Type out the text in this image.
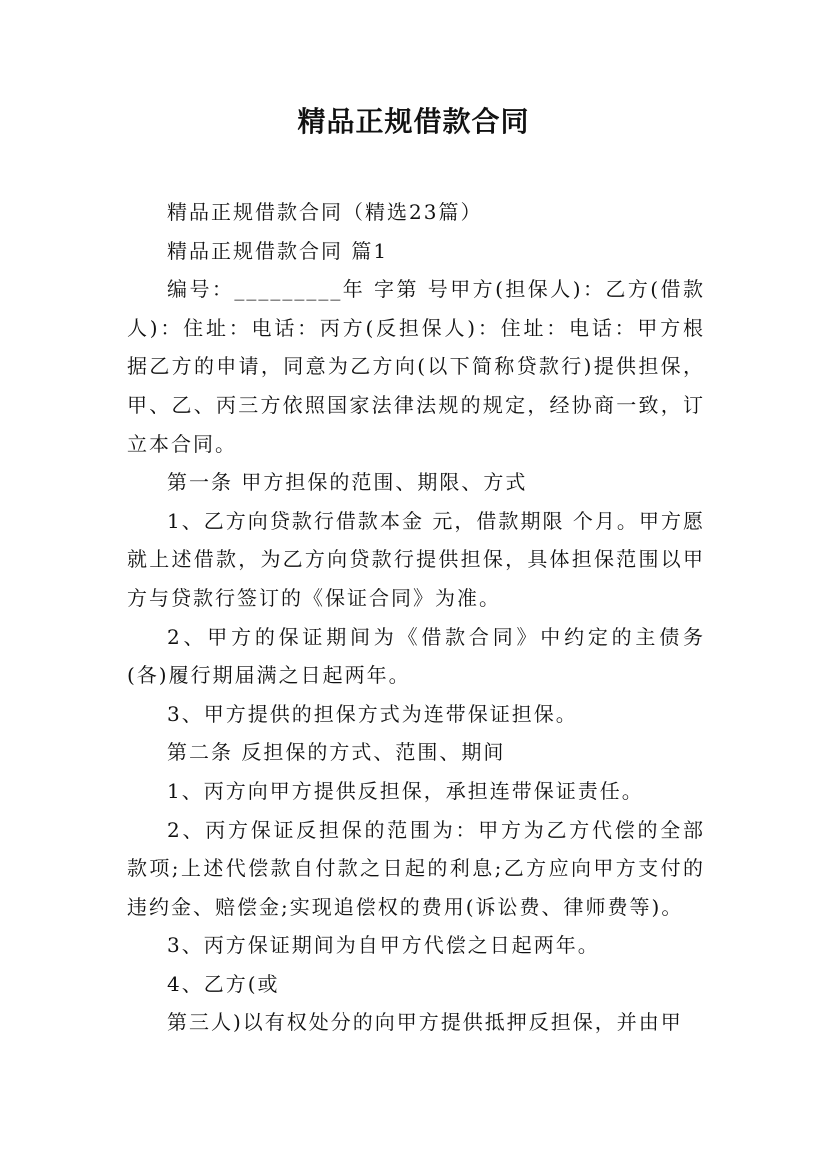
精品正规借款合同

精品正规借款合同（精选23篇）

精品正规借款合同 篇1

编号：_________年 字第 号甲方(担保人)：乙方(借款人)：住址：电话：丙方(反担保人)：住址：电话：甲方根据乙方的申请，同意为乙方向(以下简称贷款行)提供担保，甲、乙、丙三方依照国家法律法规的规定，经协商一致，订立本合同。

第一条 甲方担保的范围、期限、方式

1、乙方向贷款行借款本金 元，借款期限 个月。甲方愿就上述借款，为乙方向贷款行提供担保，具体担保范围以甲方与贷款行签订的《保证合同》为准。

2、甲方的保证期间为《借款合同》中约定的主债务(各)履行期届满之日起两年。

3、甲方提供的担保方式为连带保证担保。

第二条 反担保的方式、范围、期间

1、丙方向甲方提供反担保，承担连带保证责任。

2、丙方保证反担保的范围为：甲方为乙方代偿的全部款项;上述代偿款自付款之日起的利息;乙方应向甲方支付的违约金、赔偿金;实现追偿权的费用(诉讼费、律师费等)。

3、丙方保证期间为自甲方代偿之日起两年。

4、乙方(或

第三人)以有权处分的向甲方提供抵押反担保，并由甲
